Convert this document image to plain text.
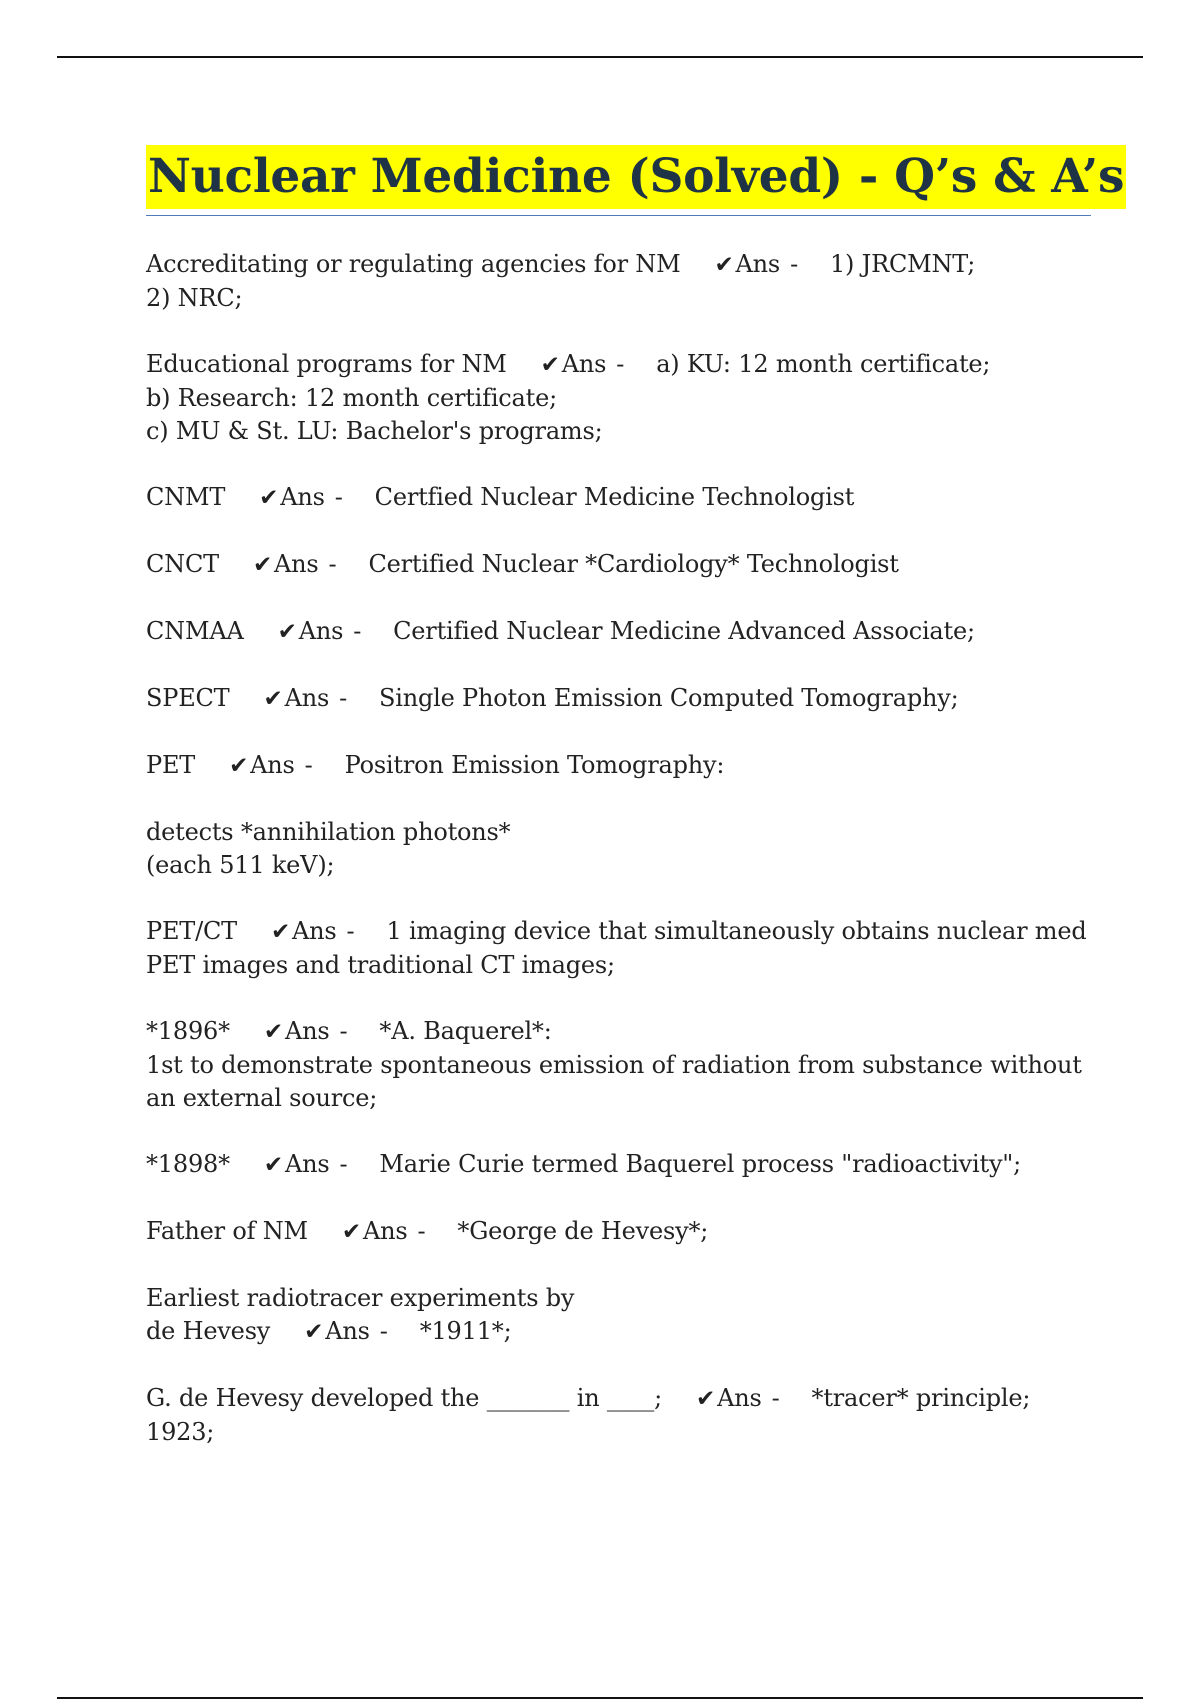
Nuclear Medicine (Solved) - Q’s & A’s
Accreditating or regulating agencies for NM ✔Ans - 1) JRCMNT;
2) NRC;
Educational programs for NM ✔Ans - a) KU: 12 month certificate;
b) Research: 12 month certificate;
c) MU & St. LU: Bachelor's programs;
CNMT ✔Ans - Certfied Nuclear Medicine Technologist
CNCT ✔Ans - Certified Nuclear *Cardiology* Technologist
CNMAA ✔Ans - Certified Nuclear Medicine Advanced Associate;
SPECT ✔Ans - Single Photon Emission Computed Tomography;
PET ✔Ans - Positron Emission Tomography:

detects *annihilation photons*
(each 511 keV);
PET/CT ✔Ans - 1 imaging device that simultaneously obtains nuclear med
PET images and traditional CT images;
*1896* ✔Ans - *A. Baquerel*:
1st to demonstrate spontaneous emission of radiation from substance without
an external source;
*1898* ✔Ans - Marie Curie termed Baquerel process "radioactivity";
Father of NM ✔Ans - *George de Hevesy*;
Earliest radiotracer experiments by
de Hevesy ✔Ans - *1911*;
G. de Hevesy developed the _______ in ____; ✔Ans - *tracer* principle;
1923;
